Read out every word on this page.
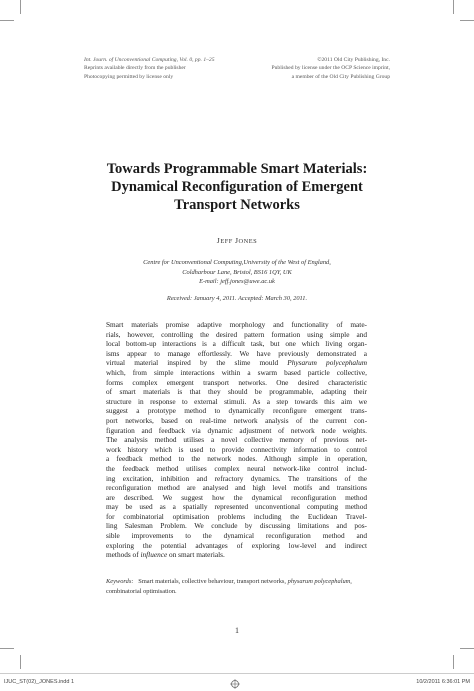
Int. Journ. of Unconventional Computing, Vol. 0, pp. 1–25
Reprints available directly from the publisher
Photocopying permitted by license only
©2011 Old City Publishing, Inc.
Published by license under the OCP Science imprint,
a member of the Old City Publishing Group
Towards Programmable Smart Materials:
Dynamical Reconfiguration of Emergent
Transport Networks
JEFF JONES
Centre for Unconventional Computing,University of the West of England,
Coldharbour Lane, Bristol, BS16 1QY, UK
E-mail: jeff.jones@uwe.ac.uk
Received: January 4, 2011. Accepted: March 30, 2011.
Smart materials promise adaptive morphology and functionality of mate-
rials, however, controlling the desired pattern formation using simple and
local bottom-up interactions is a difficult task, but one which living organ-
isms appear to manage effortlessly. We have previously demonstrated a
virtual material inspired by the slime mould Physarum polycephalum
which, from simple interactions within a swarm based particle collective,
forms complex emergent transport networks. One desired characteristic
of smart materials is that they should be programmable, adapting their
structure in response to external stimuli. As a step towards this aim we
suggest a prototype method to dynamically reconfigure emergent trans-
port networks, based on real-time network analysis of the current con-
figuration and feedback via dynamic adjustment of network node weights.
The analysis method utilises a novel collective memory of previous net-
work history which is used to provide connectivity information to control
a feedback method to the network nodes. Although simple in operation,
the feedback method utilises complex neural network-like control includ-
ing excitation, inhibition and refractory dynamics. The transitions of the
reconfiguration method are analysed and high level motifs and transitions
are described. We suggest how the dynamical reconfiguration method
may be used as a spatially represented unconventional computing method
for combinatorial optimisation problems including the Euclidean Travel-
ling Salesman Problem. We conclude by discussing limitations and pos-
sible improvements to the dynamical reconfiguration method and
exploring the potential advantages of exploring low-level and indirect
methods of influence on smart materials.
Keywords: Smart materials, collective behaviour, transport networks, physarum polycephalum,
combinatorial optimisation.
1
IJUC_ST(02)_JONES.indd 1	10/2/2011 6:36:01 PM
